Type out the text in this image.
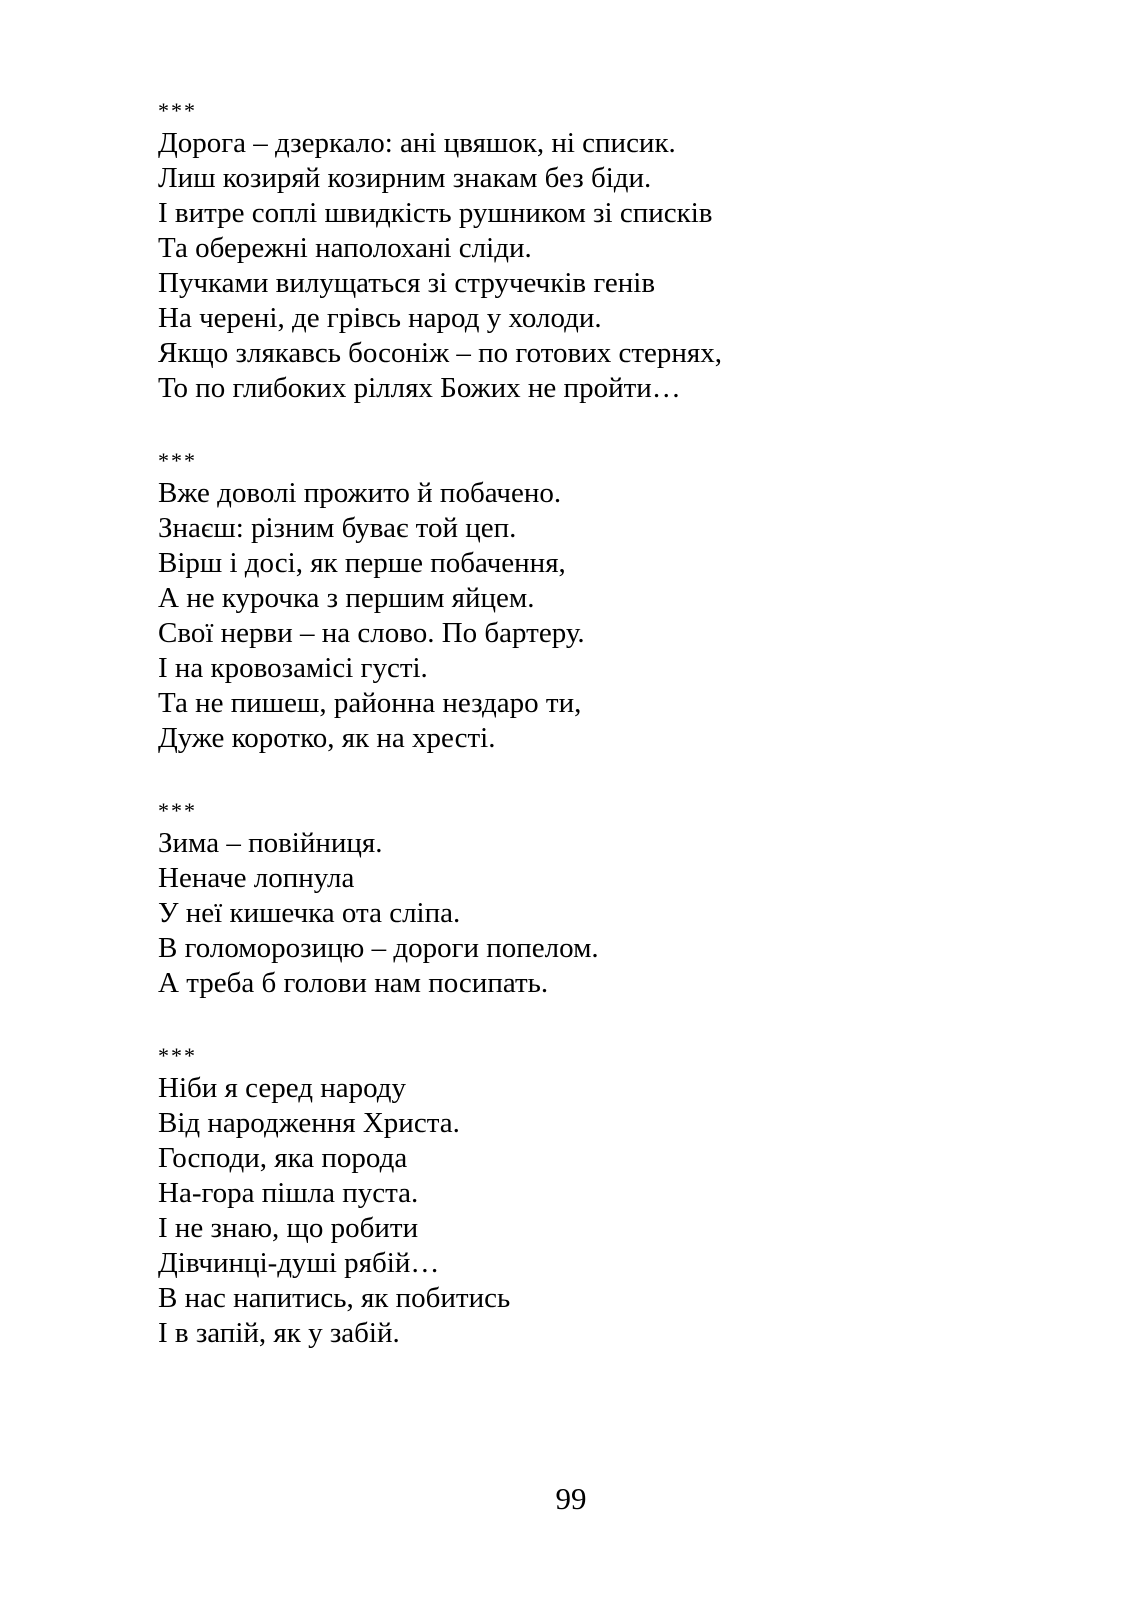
***
Дорога – дзеркало: ані цвяшок, ні списик.
Лиш козиряй козирним знакам без біди.
І витре соплі швидкість рушником зі списків
Та обережні наполохані сліди.
Пучками вилущаться зі стручечків генів
На черені, де грівсь народ у холоди.
Якщо злякавсь босоніж – по готових стернях,
То по глибоких ріллях Божих не пройти…
***
Вже доволі прожито й побачено.
Знаєш: різним буває той цеп.
Вірш і досі, як перше побачення,
А не курочка з першим яйцем.
Свої нерви – на слово. По бартеру.
І на кровозамісі густі.
Та не пишеш, районна нездаро ти,
Дуже коротко, як на хресті.
***
Зима – повійниця.
Неначе лопнула
У неї кишечка ота сліпа.
В голоморозицю – дороги попелом.
А треба б голови нам посипать.
***
Ніби я серед народу
Від народження Христа.
Господи, яка порода
На-гора пішла пуста.
І не знаю, що робити
Дівчинці-душі рябій…
В нас напитись, як побитись
І в запій, як у забій.
99
